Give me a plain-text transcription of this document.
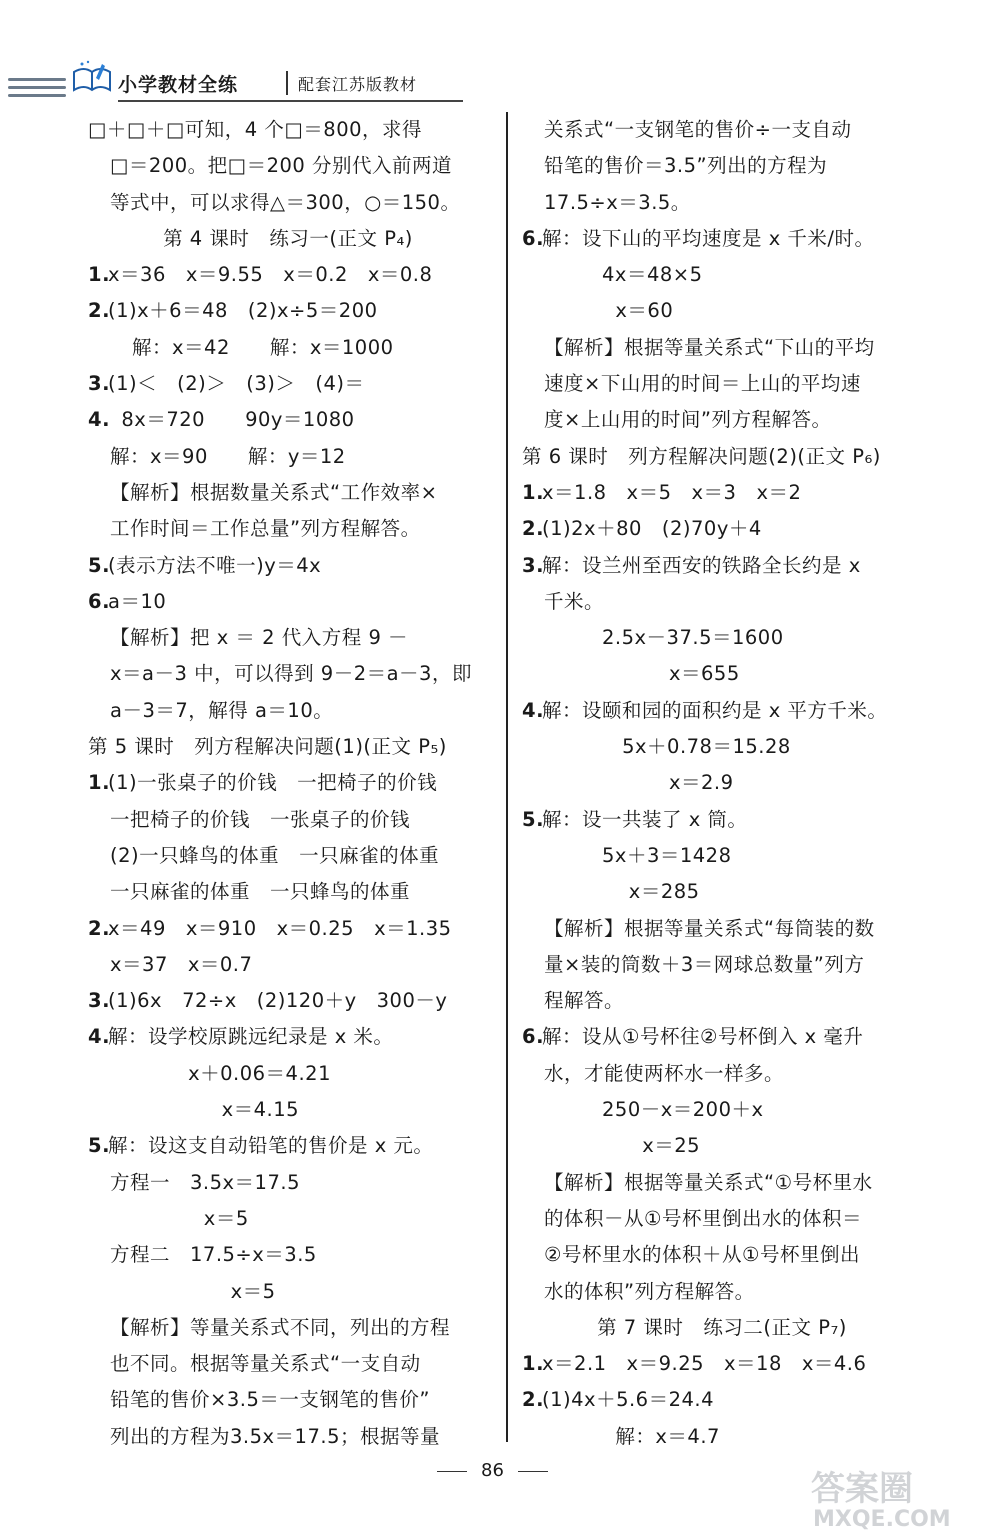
小学教材全练	配套江苏版教材
□＋□＋□可知，4 个□＝800，求得
□＝200。把□＝200 分别代入前两道
等式中，可以求得△＝300，○＝150。
第 4 课时　练习一(正文 P₄)
1.x＝36　x＝9.55　x＝0.2　x＝0.8
2.(1)x＋6＝48　(2)x÷5＝200
解：x＝42　　解：x＝1000
3.(1)＜　(2)＞　(3)＞　(4)＝
4.  8x＝720　　90y＝1080
解：x＝90　　解：y＝12
【解析】根据数量关系式“工作效率×
工作时间＝工作总量”列方程解答。
5.(表示方法不唯一)y＝4x
6.a＝10
【解析】把 x ＝ 2 代入方程 9 －
x＝a－3 中，可以得到 9－2＝a－3，即
a－3＝7，解得 a＝10。
第 5 课时　列方程解决问题(1)(正文 P₅)
1.(1)一张桌子的价钱　一把椅子的价钱
一把椅子的价钱　一张桌子的价钱
(2)一只蜂鸟的体重　一只麻雀的体重
一只麻雀的体重　一只蜂鸟的体重
2.x＝49　x＝910　x＝0.25　x＝1.35
x＝37　x＝0.7
3.(1)6x　72÷x　(2)120＋y　300－y
4.解：设学校原跳远纪录是 x 米。
x＋0.06＝4.21
x＝4.15
5.解：设这支自动铅笔的售价是 x 元。
方程一　3.5x＝17.5
x＝5
方程二　17.5÷x＝3.5
x＝5
【解析】等量关系式不同，列出的方程
也不同。根据等量关系式“一支自动
铅笔的售价×3.5＝一支钢笔的售价”
列出的方程为3.5x＝17.5；根据等量
关系式“一支钢笔的售价÷一支自动
铅笔的售价＝3.5”列出的方程为
17.5÷x＝3.5。
6.解：设下山的平均速度是 x 千米/时。
4x＝48×5
x＝60
【解析】根据等量关系式“下山的平均
速度×下山用的时间＝上山的平均速
度×上山用的时间”列方程解答。
第 6 课时　列方程解决问题(2)(正文 P₆)
1.x＝1.8　x＝5　x＝3　x＝2
2.(1)2x＋80　(2)70y＋4
3.解：设兰州至西安的铁路全长约是 x
千米。
2.5x－37.5＝1600
x＝655
4.解：设颐和园的面积约是 x 平方千米。
5x＋0.78＝15.28
x＝2.9
5.解：设一共装了 x 筒。
5x＋3＝1428
x＝285
【解析】根据等量关系式“每筒装的数
量×装的筒数＋3＝网球总数量”列方
程解答。
6.解：设从①号杯往②号杯倒入 x 毫升
水，才能使两杯水一样多。
250－x＝200＋x
x＝25
【解析】根据等量关系式“①号杯里水
的体积－从①号杯里倒出水的体积＝
②号杯里水的体积＋从①号杯里倒出
水的体积”列方程解答。
第 7 课时　练习二(正文 P₇)
1.x＝2.1　x＝9.25　x＝18　x＝4.6
2.(1)4x＋5.6＝24.4
解：x＝4.7
86	答案圈
MXQE.COM
